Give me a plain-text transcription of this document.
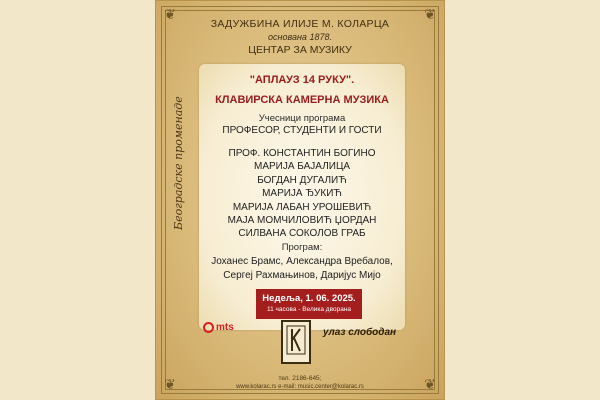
❦	❦
❦	❦
ЗАДУЖБИНА ИЛИЈЕ М. КОЛАРЦА
основана 1878.
ЦЕНТАР ЗА МУЗИКУ
Београдске променаде
"АПЛАУЗ 14 РУКУ".
КЛАВИРСКА КАМЕРНА МУЗИКА
Учесници програма
ПРОФЕСОР, СТУДЕНТИ И ГОСТИ
ПРОФ. КОНСТАНТИН БОГИНО
МАРИЈА БАЈАЛИЦА
БОГДАН ДУГАЛИЋ
МАРИЈА ЂУКИЋ
МАРИЈА ЛАБАН УРОШЕВИЋ
МАЈА МОМЧИЛОВИЋ ЏОРДАН
СИЛВАНА СОКОЛОВ ГРАБ
Програм:
Јоханес Брамс, Александра Вребалов,
Сергеј Рахмањинов, Даријус Мијо
Недеља, 1. 06. 2025.
11 часова - Велика дворана
mts	улаз слободан
тел. 2186-645;
www.kolarac.rs e-mail: music.center@kolarac.rs
